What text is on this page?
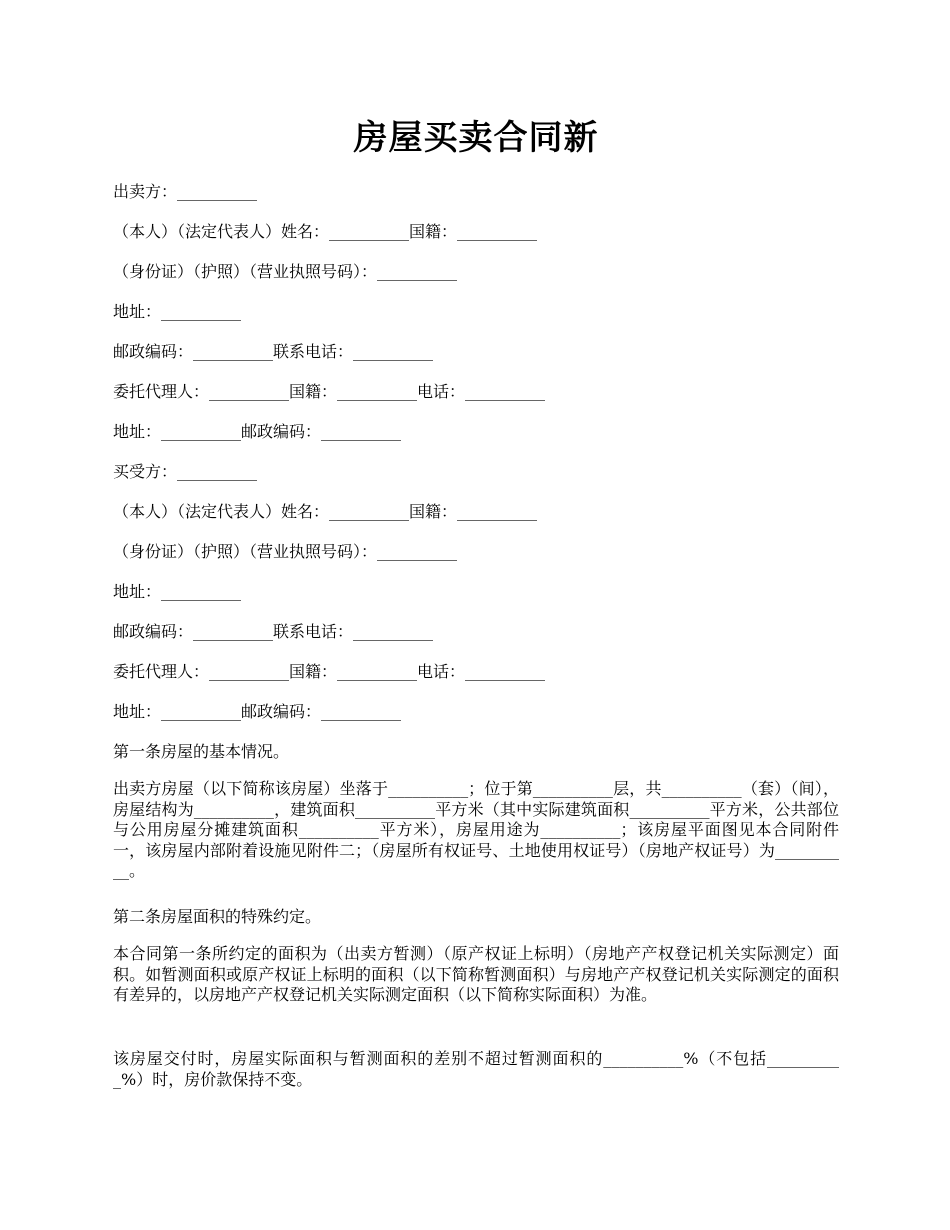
房屋买卖合同新

出卖方：__________

（本人）（法定代表人）姓名：__________国籍：__________

（身份证）（护照）（营业执照号码）：__________

地址：__________

邮政编码：__________联系电话：__________

委托代理人：__________国籍：__________电话：__________

地址：__________邮政编码：__________

买受方：__________

（本人）（法定代表人）姓名：__________国籍：__________

（身份证）（护照）（营业执照号码）：__________

地址：__________

邮政编码：__________联系电话：__________

委托代理人：__________国籍：__________电话：__________

地址：__________邮政编码：__________

第一条房屋的基本情况。

出卖方房屋（以下简称该房屋）坐落于__________；位于第__________层，共__________（套）（间），房屋结构为__________，建筑面积__________平方米（其中实际建筑面积__________平方米，公共部位与公用房屋分摊建筑面积__________平方米），房屋用途为__________；该房屋平面图见本合同附件一，该房屋内部附着设施见附件二；（房屋所有权证号、土地使用权证号）（房地产权证号）为__________。

第二条房屋面积的特殊约定。

本合同第一条所约定的面积为（出卖方暂测）（原产权证上标明）（房地产产权登记机关实际测定）面积。如暂测面积或原产权证上标明的面积（以下简称暂测面积）与房地产产权登记机关实际测定的面积有差异的，以房地产产权登记机关实际测定面积（以下简称实际面积）为准。

该房屋交付时，房屋实际面积与暂测面积的差别不超过暂测面积的__________%（不包括__________%）时，房价款保持不变。
